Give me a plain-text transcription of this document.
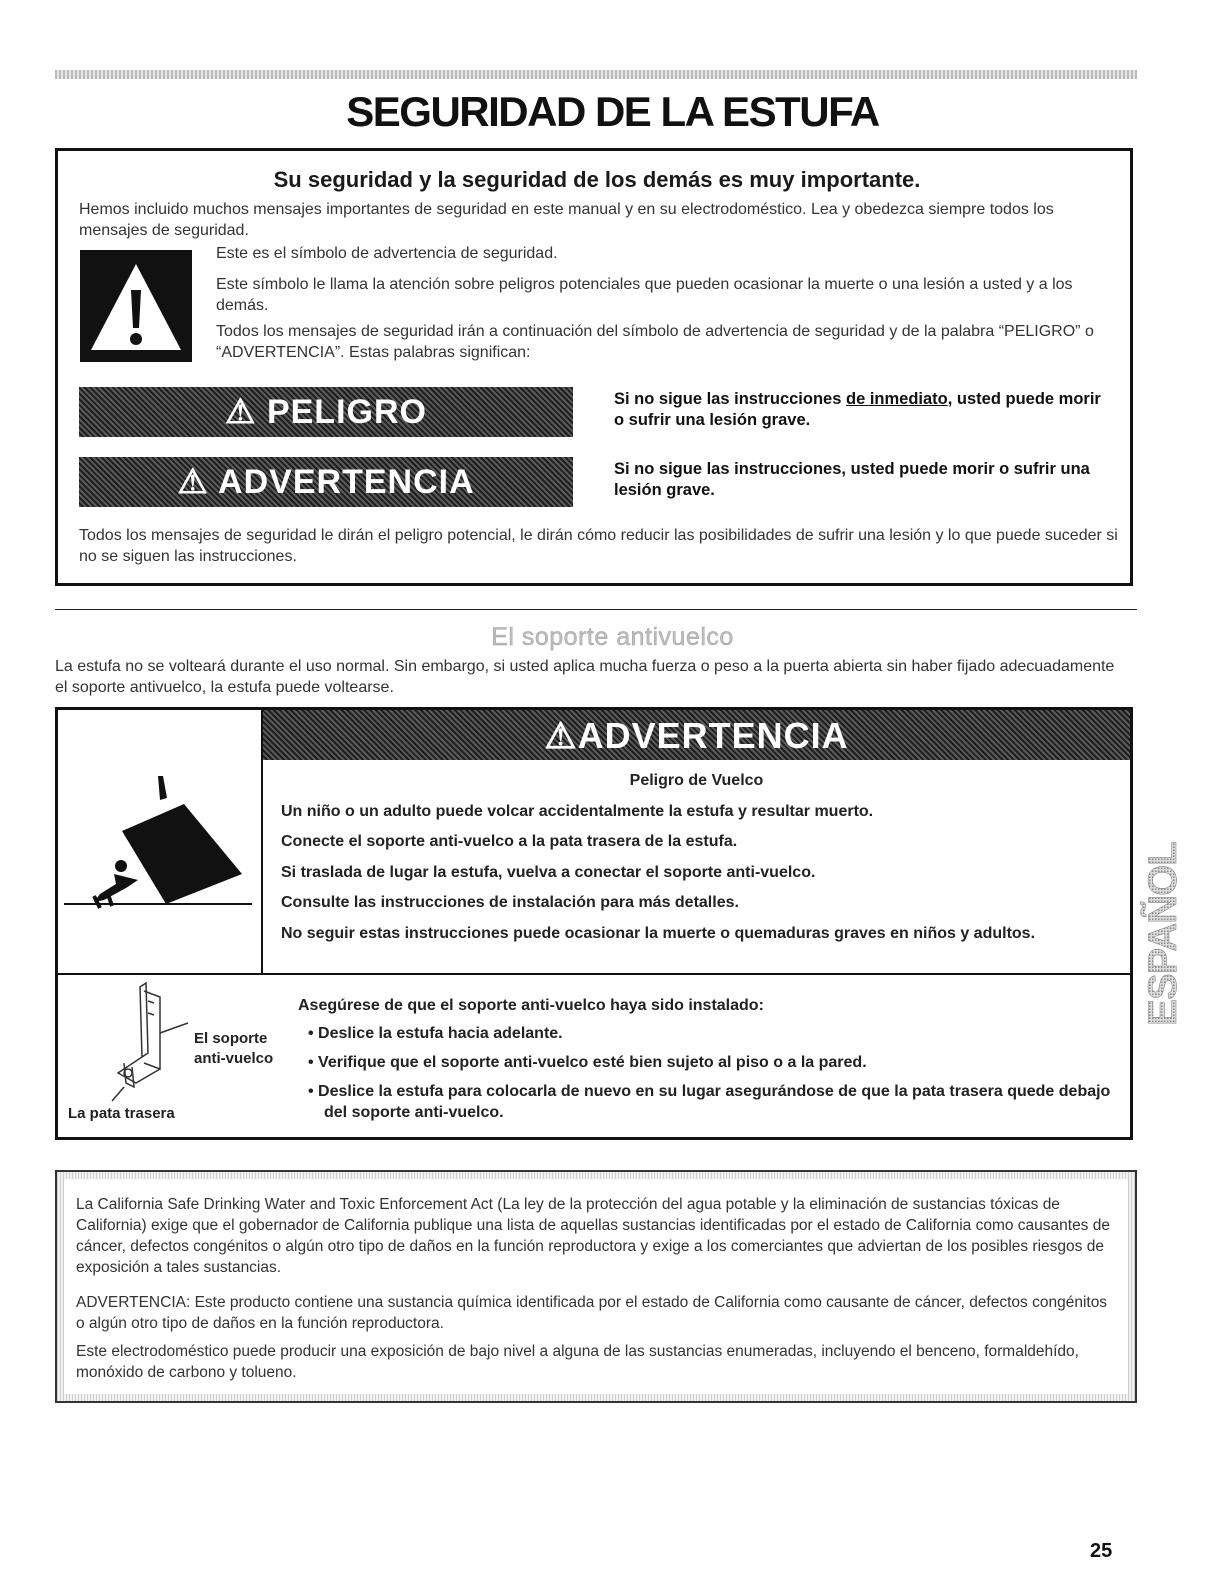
SEGURIDAD DE LA ESTUFA
Su seguridad y la seguridad de los demás es muy importante.
Hemos incluido muchos mensajes importantes de seguridad en este manual y en su electrodoméstico. Lea y obedezca siempre todos los mensajes de seguridad.
Este es el símbolo de advertencia de seguridad.
Este símbolo le llama la atención sobre peligros potenciales que pueden ocasionar la muerte o una lesión a usted y a los demás.
Todos los mensajes de seguridad irán a continuación del símbolo de advertencia de seguridad y de la palabra “PELIGRO” o “ADVERTENCIA”. Estas palabras significan:
⚠ PELIGRO	Si no sigue las instrucciones de inmediato, usted puede morir o sufrir una lesión grave.
⚠ ADVERTENCIA	Si no sigue las instrucciones, usted puede morir o sufrir una lesión grave.
Todos los mensajes de seguridad le dirán el peligro potencial, le dirán cómo reducir las posibilidades de sufrir una lesión y lo que puede suceder si no se siguen las instrucciones.
El soporte antivuelco
La estufa no se volteará durante el uso normal. Sin embargo, si usted aplica mucha fuerza o peso a la puerta abierta sin haber fijado adecuadamente el soporte antivuelco, la estufa puede voltearse.
⚠ADVERTENCIA
Peligro de Vuelco
Un niño o un adulto puede volcar accidentalmente la estufa y resultar muerto.
Conecte el soporte anti-vuelco a la pata trasera de la estufa.
Si traslada de lugar la estufa, vuelva a conectar el soporte anti-vuelco.
Consulte las instrucciones de instalación para más detalles.
No seguir estas instrucciones puede ocasionar la muerte o quemaduras graves en niños y adultos.
El soporte
anti-vuelco
La pata trasera
Asegúrese de que el soporte anti-vuelco haya sido instalado:
• Deslice la estufa hacia adelante.
• Verifique que el soporte anti-vuelco esté bien sujeto al piso o a la pared.
• Deslice la estufa para colocarla de nuevo en su lugar asegurándose de que la pata trasera quede debajo del soporte anti-vuelco.
La California Safe Drinking Water and Toxic Enforcement Act (La ley de la protección del agua potable y la eliminación de sustancias tóxicas de California) exige que el gobernador de California publique una lista de aquellas sustancias identificadas por el estado de California como causantes de cáncer, defectos congénitos o algún otro tipo de daños en la función reproductora y exige a los comerciantes que adviertan de los posibles riesgos de exposición a tales sustancias.
ADVERTENCIA: Este producto contiene una sustancia química identificada por el estado de California como causante de cáncer, defectos congénitos o algún otro tipo de daños en la función reproductora.
Este electrodoméstico puede producir una exposición de bajo nivel a alguna de las sustancias enumeradas, incluyendo el benceno, formaldehído, monóxido de carbono y tolueno.
ESPAÑOL
25
